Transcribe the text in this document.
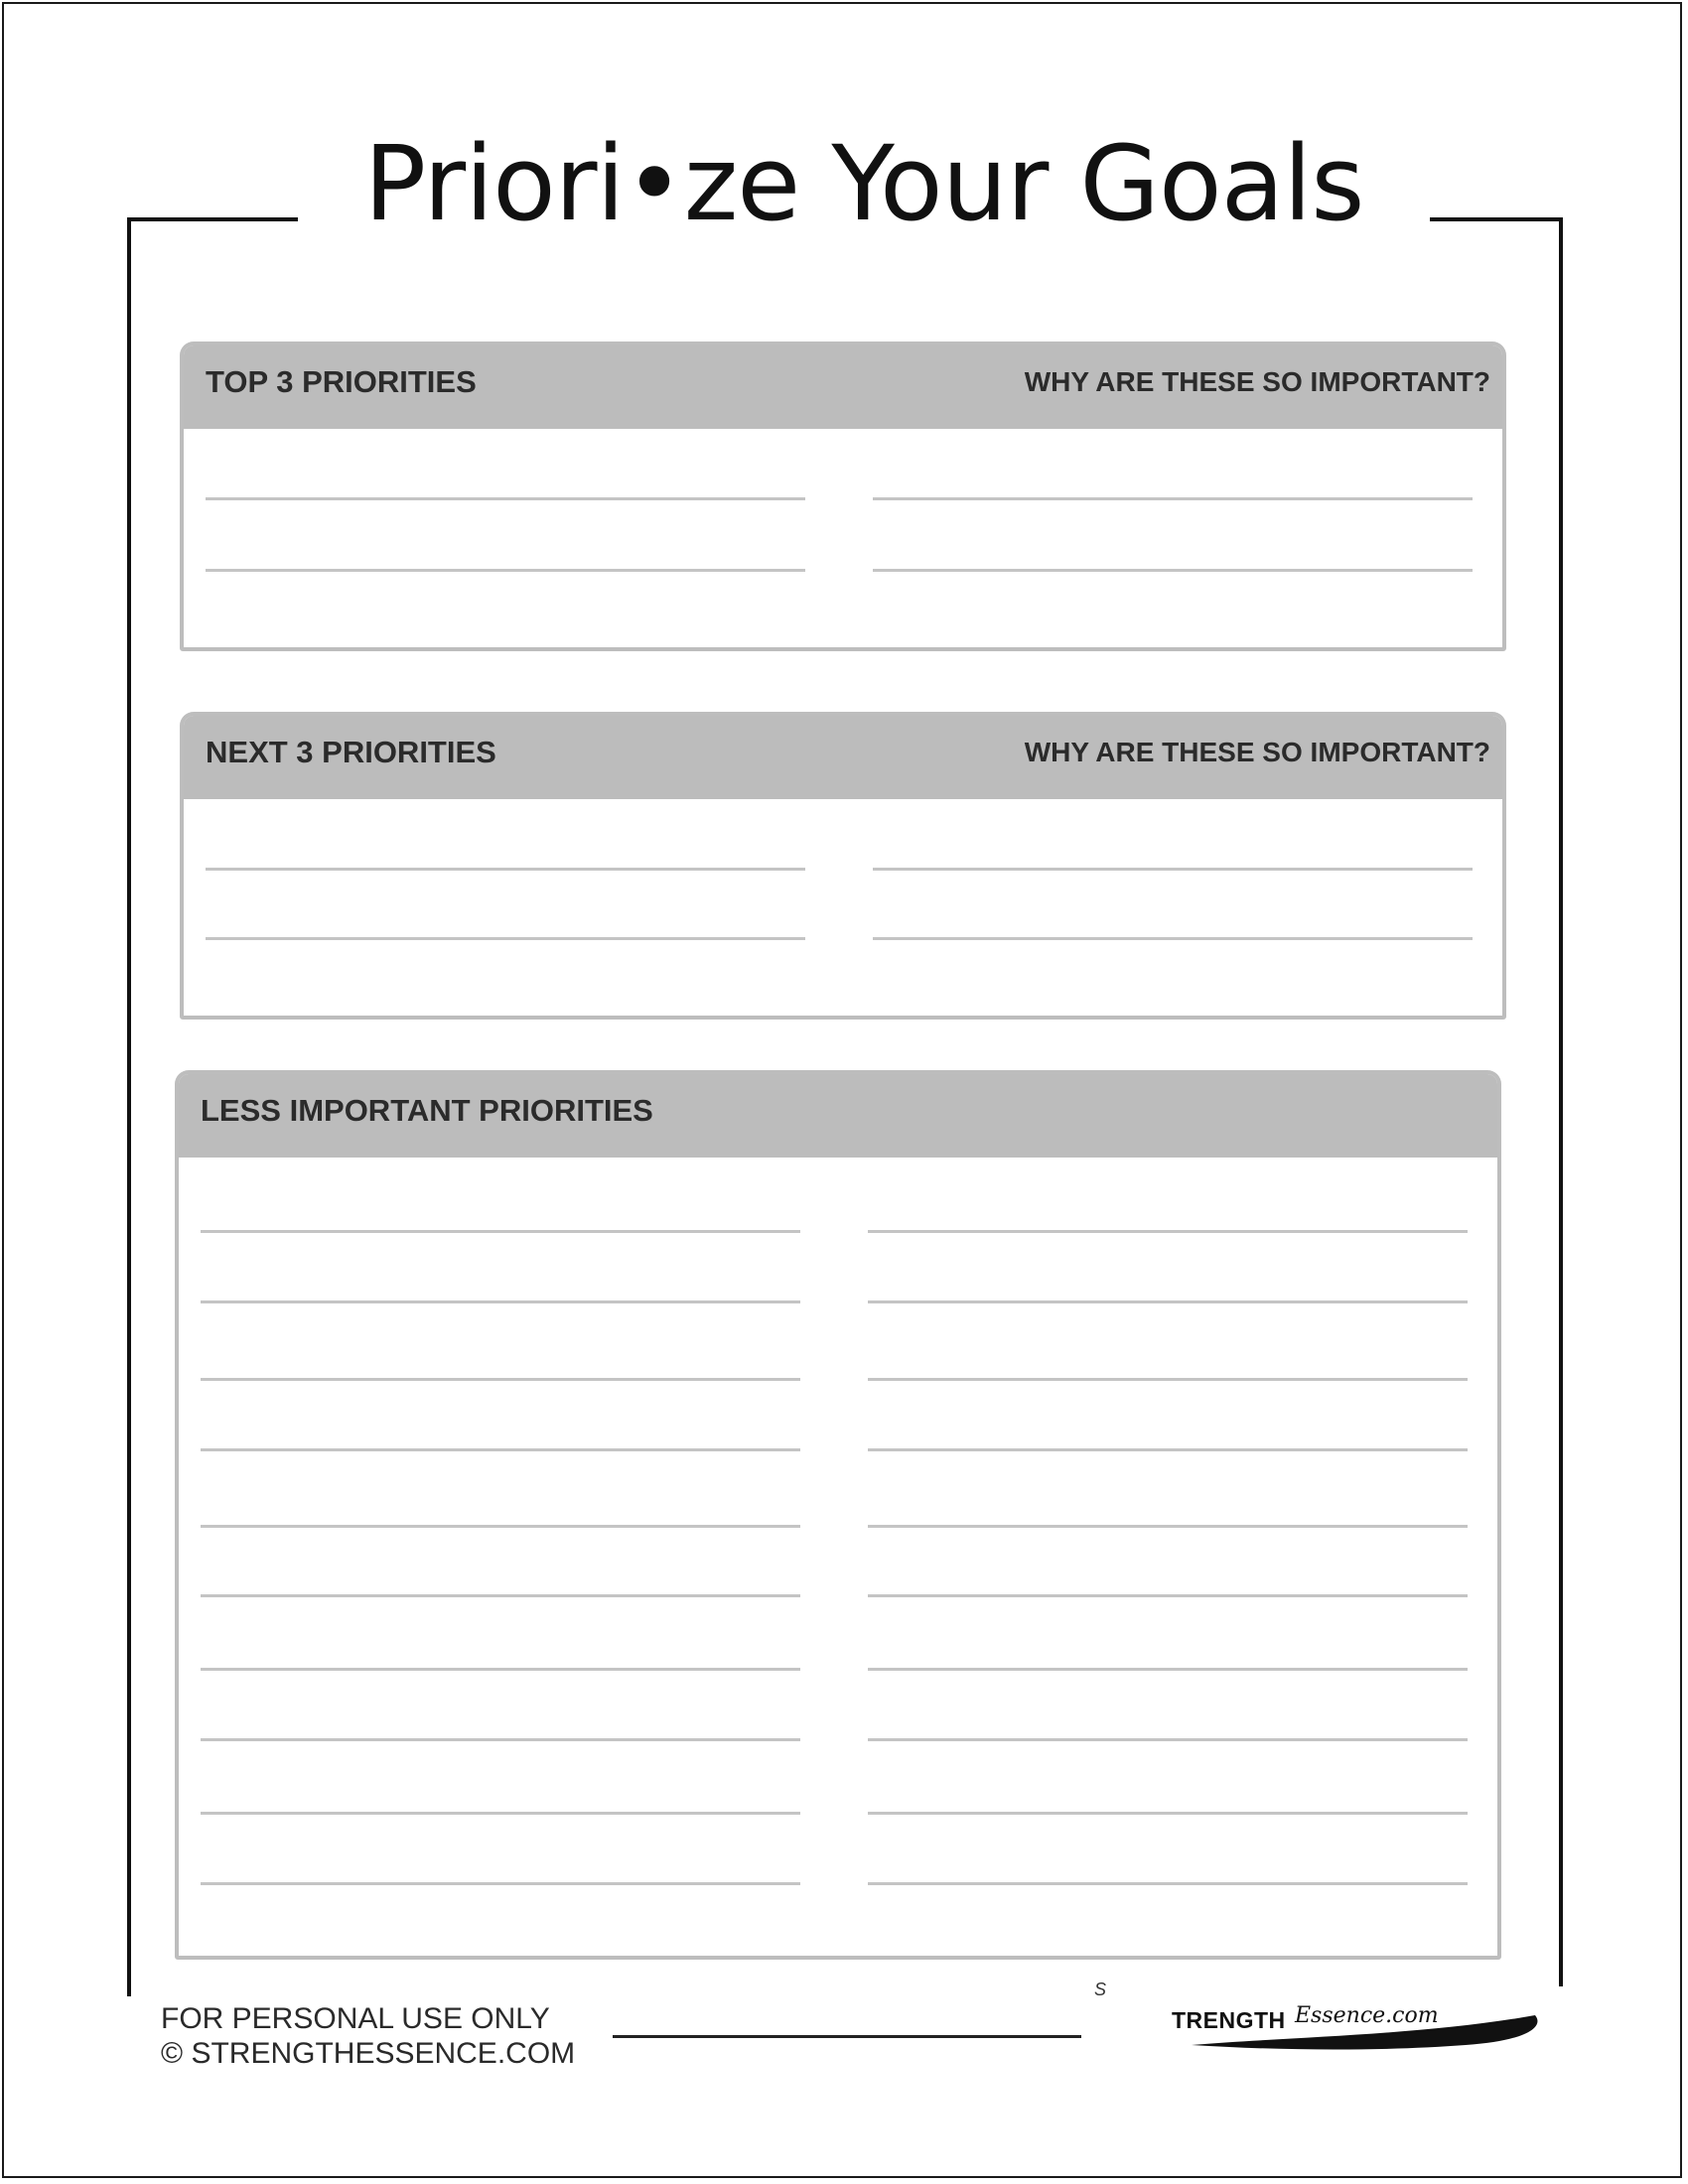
Priori•ze Your Goals
TOP 3 PRIORITIES	WHY ARE THESE SO IMPORTANT?
NEXT 3 PRIORITIES	WHY ARE THESE SO IMPORTANT?
LESS IMPORTANT PRIORITIES
FOR PERSONAL USE ONLY
© STRENGTHESSENCE.COM
S
TRENGTH Essence.com
